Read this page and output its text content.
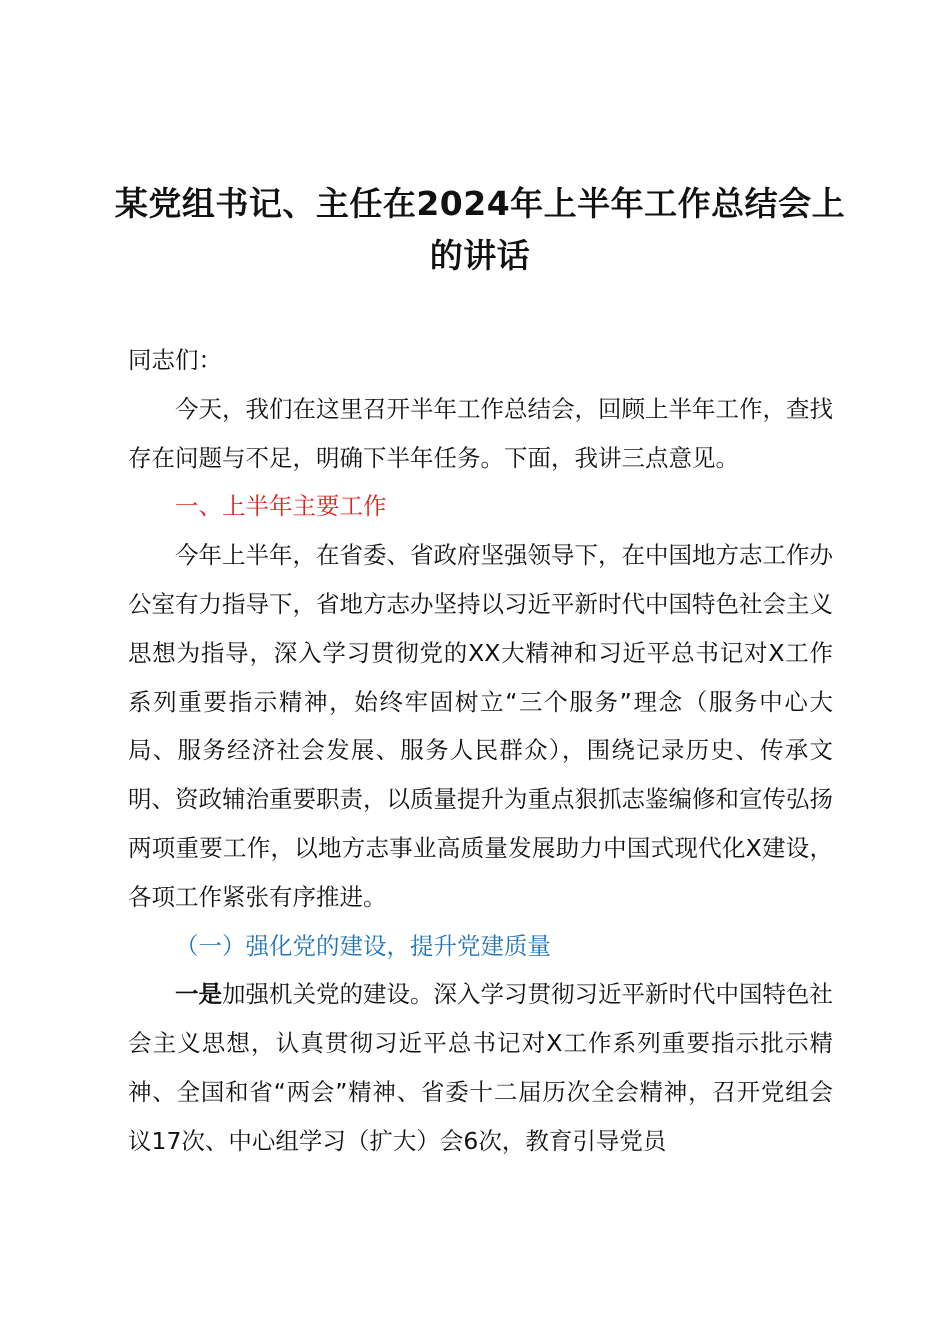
某党组书记、主任在2024年上半年工作总结会上的讲话

同志们：

今天，我们在这里召开半年工作总结会，回顾上半年工作，查找存在问题与不足，明确下半年任务。下面，我讲三点意见。

一、上半年主要工作

今年上半年，在省委、省政府坚强领导下，在中国地方志工作办公室有力指导下，省地方志办坚持以习近平新时代中国特色社会主义思想为指导，深入学习贯彻党的XX大精神和习近平总书记对X工作系列重要指示精神，始终牢固树立“三个服务”理念（服务中心大局、服务经济社会发展、服务人民群众），围绕记录历史、传承文明、资政辅治重要职责，以质量提升为重点狠抓志鉴编修和宣传弘扬两项重要工作，以地方志事业高质量发展助力中国式现代化X建设，各项工作紧张有序推进。

（一）强化党的建设，提升党建质量

一是加强机关党的建设。深入学习贯彻习近平新时代中国特色社会主义思想，认真贯彻习近平总书记对X工作系列重要指示批示精神、全国和省“两会”精神、省委十二届历次全会精神，召开党组会议17次、中心组学习（扩大）会6次，教育引导党员
